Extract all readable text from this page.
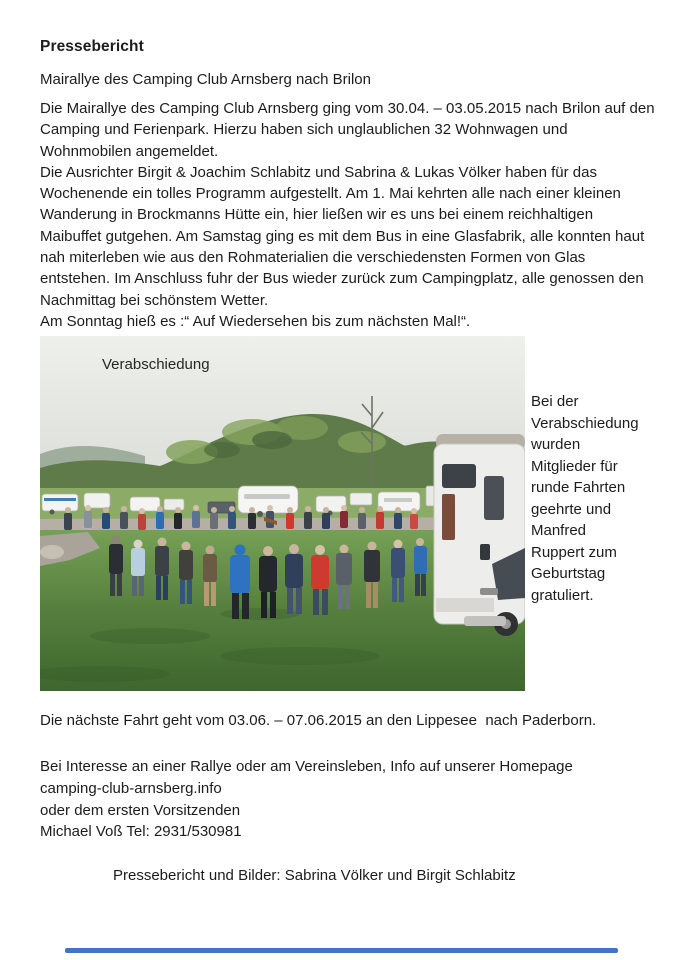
Pressebericht
Mairallye des Camping Club Arnsberg nach Brilon
Die Mairallye des Camping Club Arnsberg ging vom 30.04. – 03.05.2015 nach Brilon auf den
Camping und Ferienpark. Hierzu haben sich unglaublichen 32 Wohnwagen und
Wohnmobilen angemeldet.
Die Ausrichter Birgit & Joachim Schlabitz und Sabrina & Lukas Völker haben für das
Wochenende ein tolles Programm aufgestellt. Am 1. Mai kehrten alle nach einer kleinen
Wanderung in Brockmanns Hütte ein, hier ließen wir es uns bei einem reichhaltigen
Maibuffet gutgehen. Am Samstag ging es mit dem Bus in eine Glasfabrik, alle konnten haut
nah miterleben wie aus den Rohmaterialien die verschiedensten Formen von Glas
entstehen. Im Anschluss fuhr der Bus wieder zurück zum Campingplatz, alle genossen den
Nachmittag bei schönstem Wetter.
Am Sonntag hieß es :“ Auf Wiedersehen bis zum nächsten Mal!“.
Verabschiedung
Bei der
Verabschiedung
wurden
Mitglieder für
runde Fahrten
geehrte und
Manfred
Ruppert zum
Geburtstag
gratuliert.
Die nächste Fahrt geht vom 03.06. – 07.06.2015 an den Lippesee  nach Paderborn.
Bei Interesse an einer Rallye oder am Vereinsleben, Info auf unserer Homepage
camping-club-arnsberg.info
oder dem ersten Vorsitzenden
Michael Voß Tel: 2931/530981
Pressebericht und Bilder: Sabrina Völker und Birgit Schlabitz
